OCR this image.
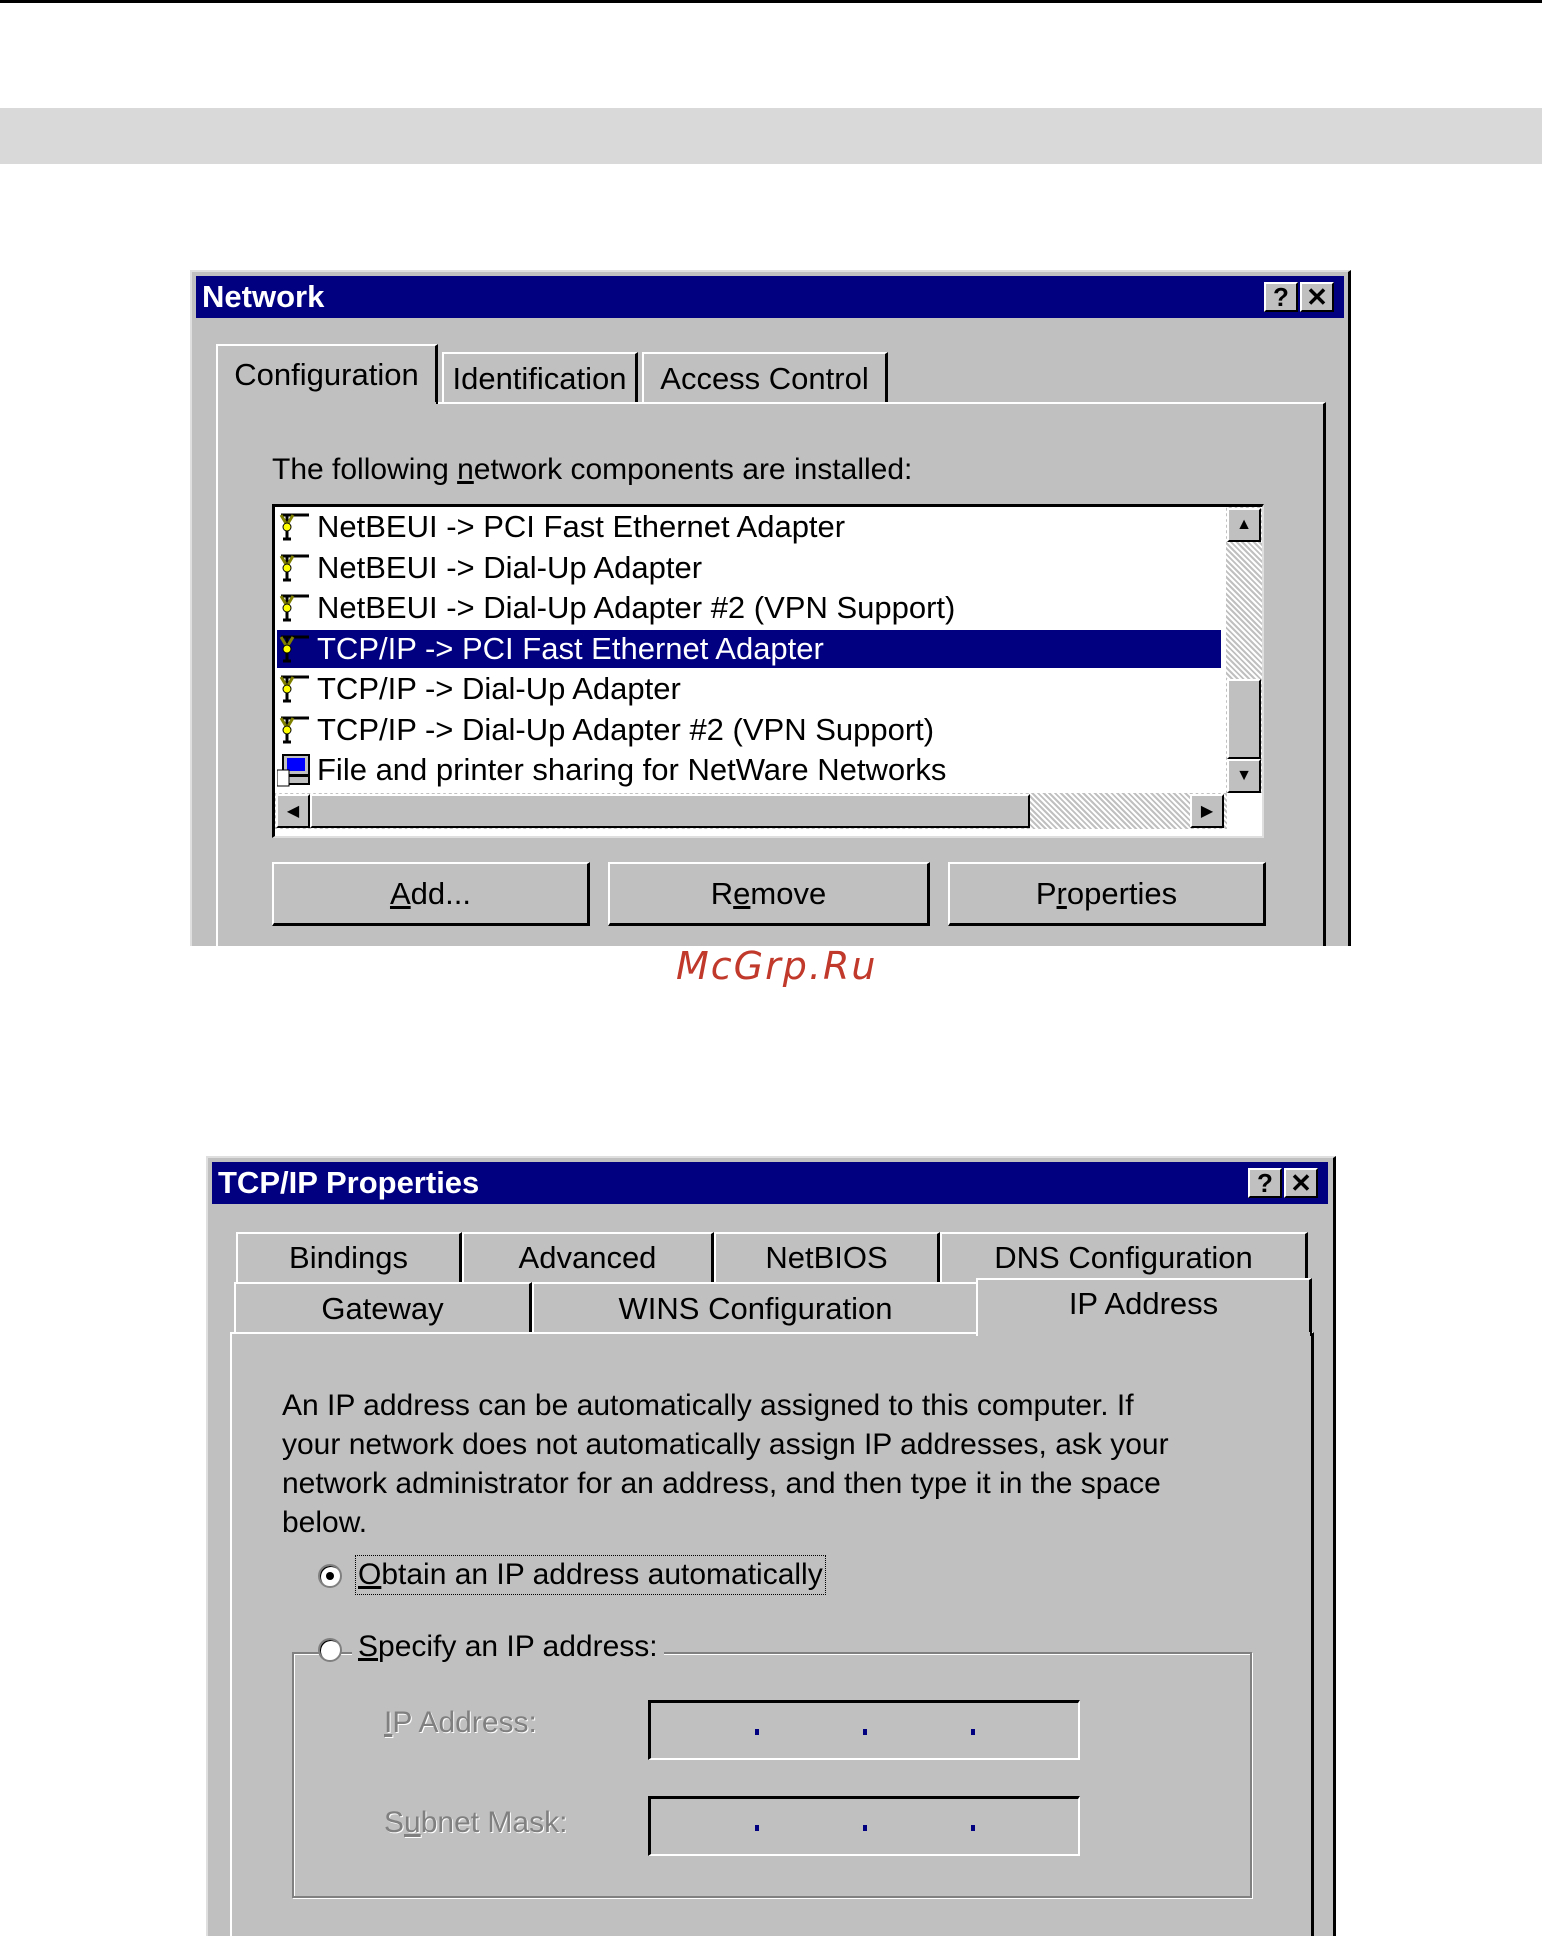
Network	? ✕
Configuration Identification Access Control
The following network components are installed:
NetBEUI -> PCI Fast Ethernet Adapter
NetBEUI -> Dial-Up Adapter
NetBEUI -> Dial-Up Adapter #2 (VPN Support)
TCP/IP -> PCI Fast Ethernet Adapter
TCP/IP -> Dial-Up Adapter
TCP/IP -> Dial-Up Adapter #2 (VPN Support)
File and printer sharing for NetWare Networks
▲
▼
◀	▶
A dd...	R e move	P r operties
McGrp.Ru
TCP/IP Properties	? ✕
Bindings	Advanced	NetBIOS	DNS Configuration
Gateway	WINS Configuration	IP Address
An IP address can be automatically assigned to this computer. If
your network does not automatically assign IP addresses, ask your
network administrator for an address, and then type it in the space
below.
Obtain an IP address automatically
Specify an IP address:
IP Address:
Subnet Mask:
